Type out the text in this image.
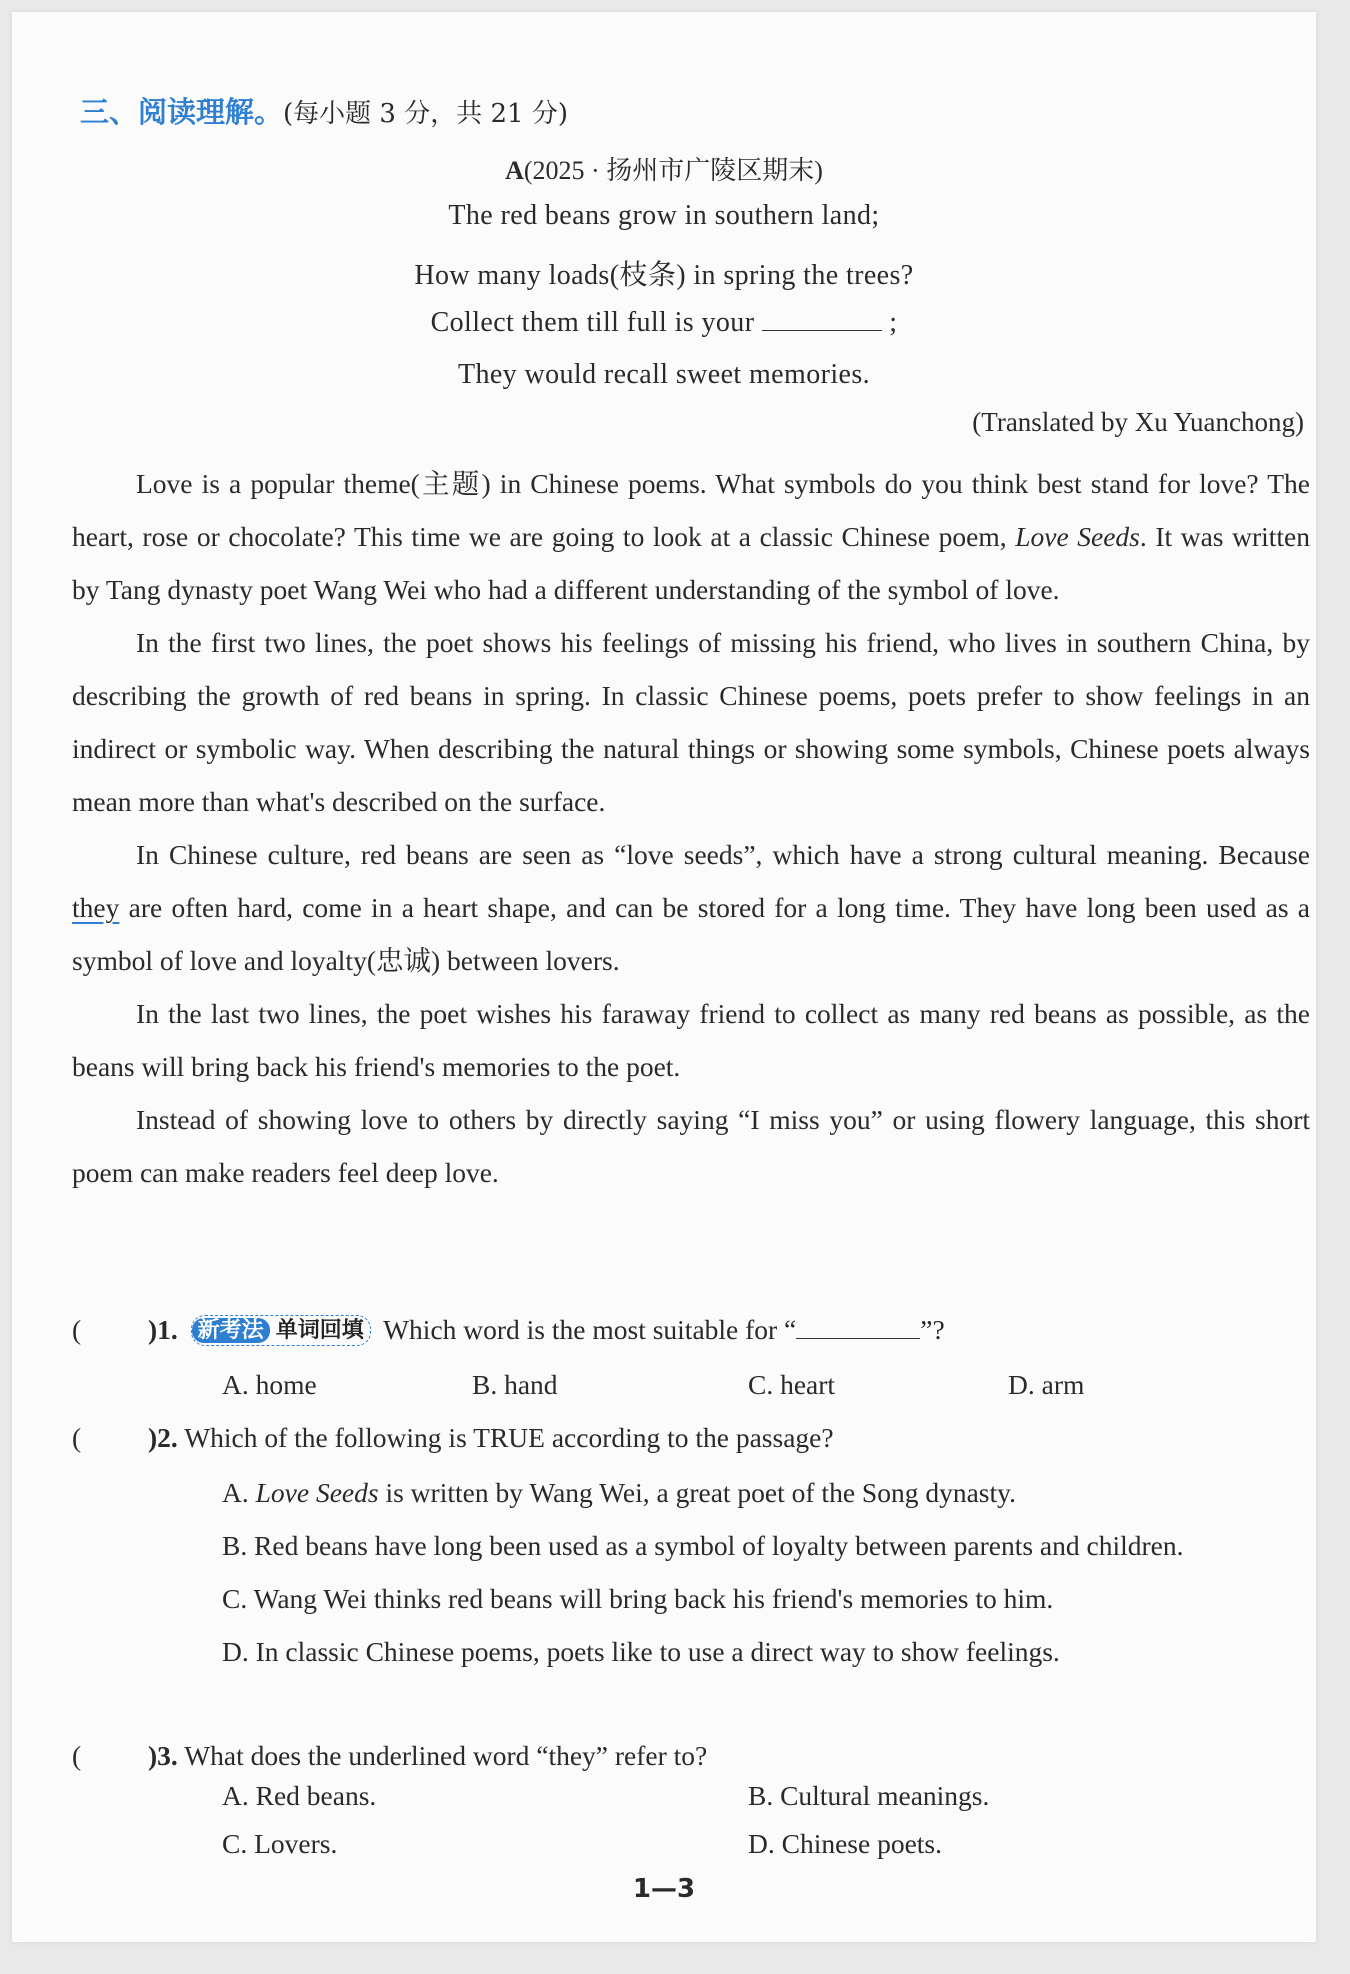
三、阅读理解。(每小题 3 分，共 21 分)
A(2025 · 扬州市广陵区期末)
The red beans grow in southern land;
How many loads(枝条) in spring the trees?
Collect them till full is your	;
They would recall sweet memories.
(Translated by Xu Yuanchong)

Love is a popular theme(主题) in Chinese poems. What symbols do you think best stand for love? The heart, rose or chocolate? This time we are going to look at a classic Chinese poem, Love Seeds. It was written by Tang dynasty poet Wang Wei who had a different understanding of the symbol of love.

In the first two lines, the poet shows his feelings of missing his friend, who lives in southern China, by describing the growth of red beans in spring. In classic Chinese poems, poets prefer to show feelings in an indirect or symbolic way. When describing the natural things or showing some symbols, Chinese poets always mean more than what's described on the surface.

In Chinese culture, red beans are seen as “love seeds”, which have a strong cultural meaning. Because they are often hard, come in a heart shape, and can be stored for a long time. They have long been used as a symbol of love and loyalty(忠诚) between lovers.

In the last two lines, the poet wishes his faraway friend to collect as many red beans as possible, as the beans will bring back his friend's memories to the poet.

Instead of showing love to others by directly saying “I miss you” or using flowery language, this short poem can make readers feel deep love.

( )1. 新考法 单词回填 Which word is the most suitable for “	”?
A. home	B. hand	C. heart	D. arm
( )2. Which of the following is TRUE according to the passage?
A. Love Seeds is written by Wang Wei, a great poet of the Song dynasty.
B. Red beans have long been used as a symbol of loyalty between parents and children.
C. Wang Wei thinks red beans will bring back his friend's memories to him.
D. In classic Chinese poems, poets like to use a direct way to show feelings.
( )3. What does the underlined word “they” refer to?
A. Red beans.	B. Cultural meanings.
1—3
C. Lovers.	D. Chinese poets.
